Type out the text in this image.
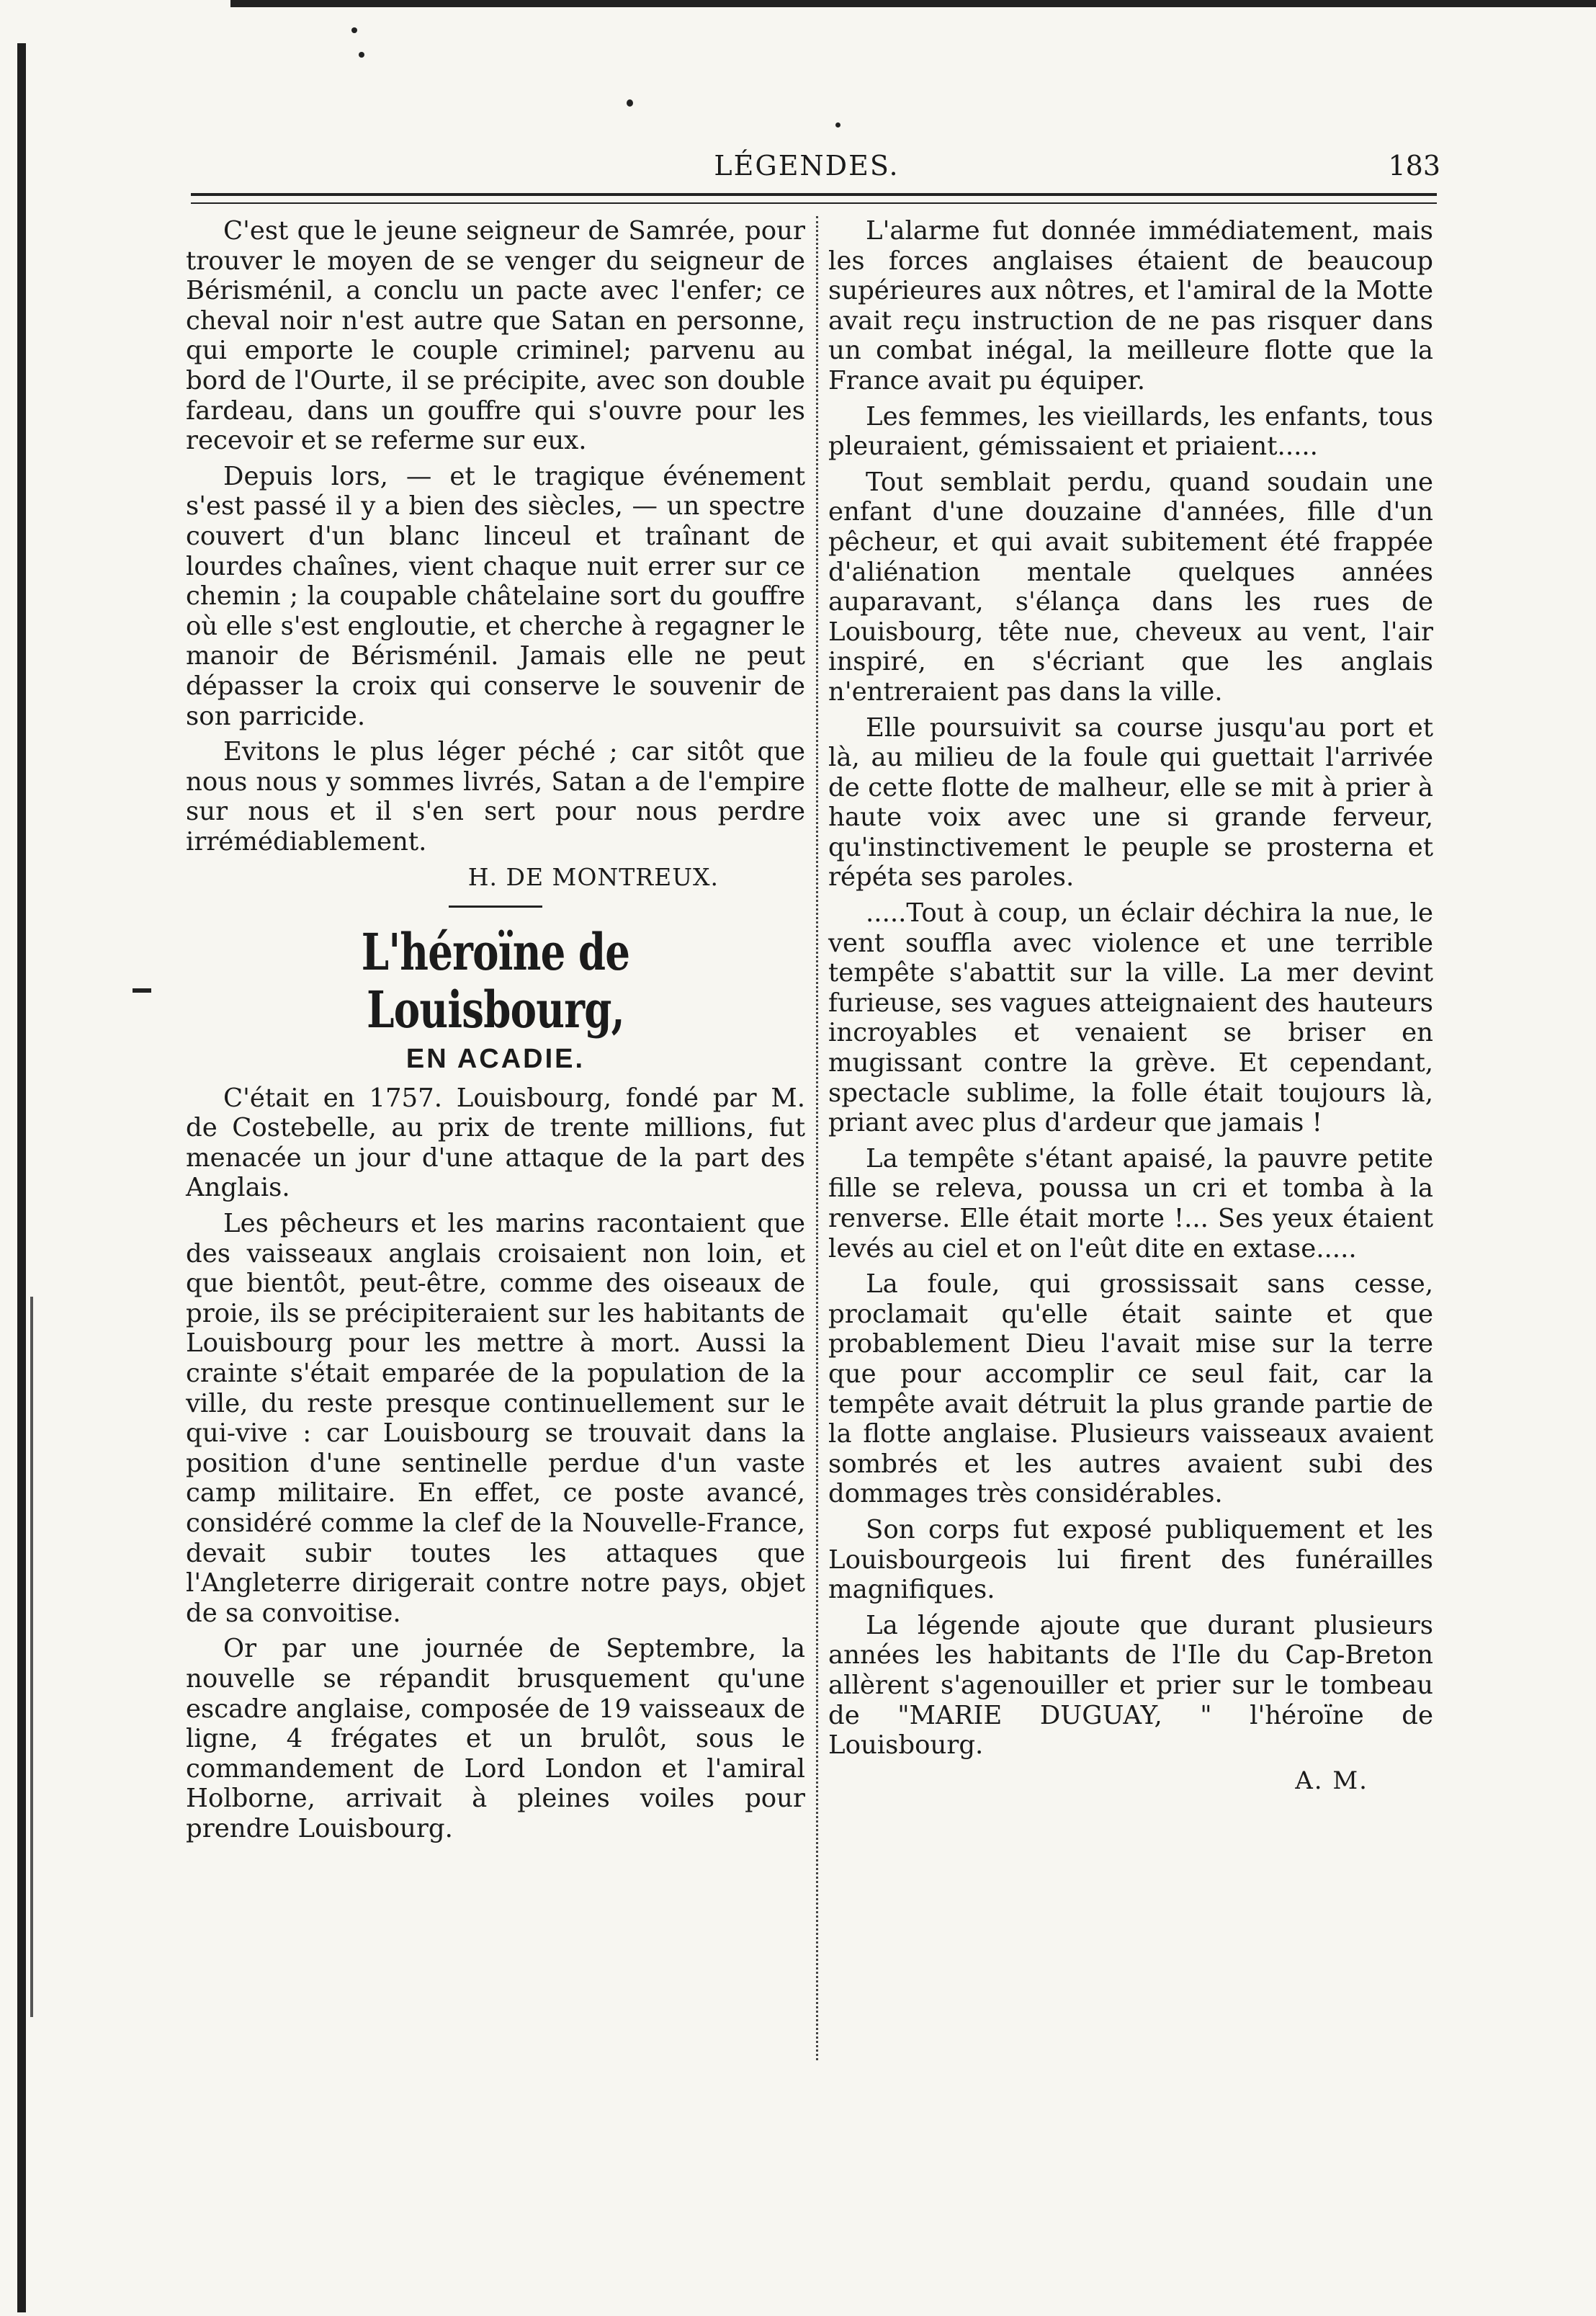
LÉGENDES.	183

C'est que le jeune seigneur de Samrée, pour trouver le moyen de se venger du seigneur de Bérisménil, a conclu un pacte avec l'enfer; ce cheval noir n'est autre que Satan en personne, qui emporte le couple criminel; parvenu au bord de l'Ourte, il se précipite, avec son double fardeau, dans un gouffre qui s'ouvre pour les recevoir et se referme sur eux.

Depuis lors, — et le tragique événement s'est passé il y a bien des siècles, — un spectre couvert d'un blanc linceul et traînant de lourdes chaînes, vient chaque nuit errer sur ce chemin ; la coupable châtelaine sort du gouffre où elle s'est engloutie, et cherche à regagner le manoir de Bérisménil. Jamais elle ne peut dépasser la croix qui conserve le souvenir de son parricide.

Evitons le plus léger péché ; car sitôt que nous nous y sommes livrés, Satan a de l'empire sur nous et il s'en sert pour nous perdre irrémédiablement.

H. DE MONTREUX.
L'héroïne de Louisbourg,
EN ACADIE.

C'était en 1757. Louisbourg, fondé par M. de Costebelle, au prix de trente millions, fut menacée un jour d'une attaque de la part des Anglais.

Les pêcheurs et les marins racontaient que des vaisseaux anglais croisaient non loin, et que bientôt, peut-être, comme des oiseaux de proie, ils se précipiteraient sur les habitants de Louisbourg pour les mettre à mort. Aussi la crainte s'était emparée de la population de la ville, du reste presque continuellement sur le qui-vive : car Louisbourg se trouvait dans la position d'une sentinelle perdue d'un vaste camp militaire. En effet, ce poste avancé, considéré comme la clef de la Nouvelle-France, devait subir toutes les attaques que l'Angleterre dirigerait contre notre pays, objet de sa convoitise.

Or par une journée de Septembre, la nouvelle se répandit brusquement qu'une escadre anglaise, composée de 19 vaisseaux de ligne, 4 frégates et un brulôt, sous le commandement de Lord London et l'amiral Holborne, arrivait à pleines voiles pour prendre Louisbourg.

L'alarme fut donnée immédiatement, mais les forces anglaises étaient de beaucoup supérieures aux nôtres, et l'amiral de la Motte avait reçu instruction de ne pas risquer dans un combat inégal, la meilleure flotte que la France avait pu équiper.

Les femmes, les vieillards, les enfants, tous pleuraient, gémissaient et priaient.....

Tout semblait perdu, quand soudain une enfant d'une douzaine d'années, fille d'un pêcheur, et qui avait subitement été frappée d'aliénation mentale quelques années auparavant, s'élança dans les rues de Louisbourg, tête nue, cheveux au vent, l'air inspiré, en s'écriant que les anglais n'entreraient pas dans la ville.

Elle poursuivit sa course jusqu'au port et là, au milieu de la foule qui guettait l'arrivée de cette flotte de malheur, elle se mit à prier à haute voix avec une si grande ferveur, qu'instinctivement le peuple se prosterna et répéta ses paroles.

.....Tout à coup, un éclair déchira la nue, le vent souffla avec violence et une terrible tempête s'abattit sur la ville. La mer devint furieuse, ses vagues atteignaient des hauteurs incroyables et venaient se briser en mugissant contre la grève. Et cependant, spectacle sublime, la folle était toujours là, priant avec plus d'ardeur que jamais !

La tempête s'étant apaisé, la pauvre petite fille se releva, poussa un cri et tomba à la renverse. Elle était morte !... Ses yeux étaient levés au ciel et on l'eût dite en extase.....

La foule, qui grossissait sans cesse, proclamait qu'elle était sainte et que probablement Dieu l'avait mise sur la terre que pour accomplir ce seul fait, car la tempête avait détruit la plus grande partie de la flotte anglaise. Plusieurs vaisseaux avaient sombrés et les autres avaient subi des dommages très considérables.

Son corps fut exposé publiquement et les Louisbourgeois lui firent des funérailles magnifiques.

La légende ajoute que durant plusieurs années les habitants de l'Ile du Cap-Breton allèrent s'agenouiller et prier sur le tombeau de "MARIE DUGUAY, " l'héroïne de Louisbourg.

A. M.
